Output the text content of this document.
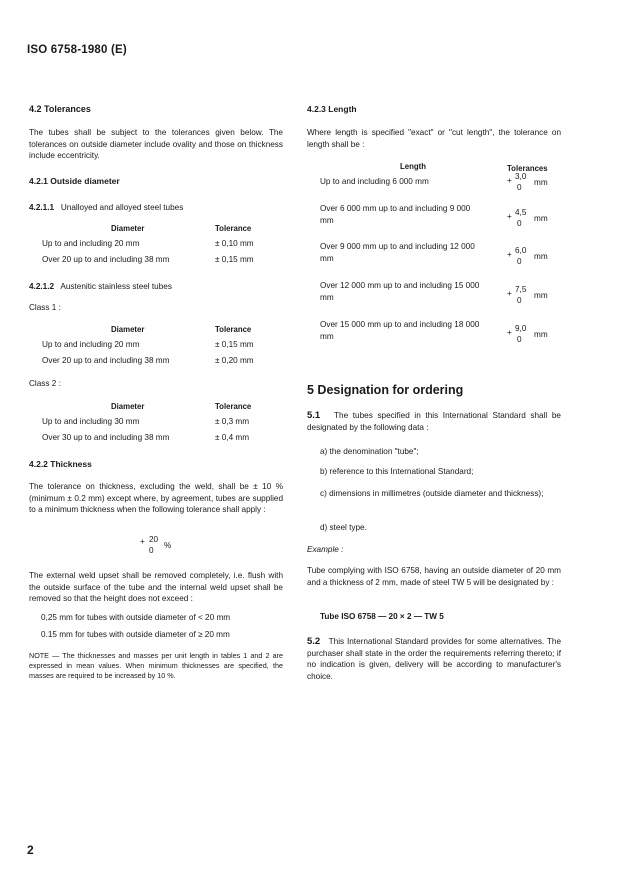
ISO 6758-1980 (E)
4.2 Tolerances
The tubes shall be subject to the tolerances given below. The tolerances on outside diameter include ovality and those on thickness include eccentricity.
4.2.1 Outside diameter
4.2.1.1 Unalloyed and alloyed steel tubes
Diameter	Tolerance
Up to and including 20 mm	± 0,10 mm
Over 20 up to and including 38 mm	± 0,15 mm
4.2.1.2 Austenitic stainless steel tubes
Class 1 :
Diameter	Tolerance
Up to and including 20 mm	± 0,15 mm
Over 20 up to and including 38 mm	± 0,20 mm
Class 2 :
Diameter	Tolerance
Up to and including 30 mm	± 0,3 mm
Over 30 up to and including 38 mm	± 0,4 mm
4.2.2 Thickness
The tolerance on thickness, excluding the weld, shall be ± 10 % (minimum ± 0.2 mm) except where, by agreement, tubes are supplied to a minimum thickness when the following tolerance shall apply :
+ 20
0
%
The external weld upset shall be removed completely, i.e. flush with the outside surface of the tube and the internal weld upset shall be removed so that the height does not exceed :
0,25 mm for tubes with outside diameter of < 20 mm
0.15 mm for tubes with outside diameter of ≥ 20 mm
NOTE — The thicknesses and masses per unit length in tables 1 and 2 are expressed in mean values. When minimum thicknesses are specified, the masses are required to be increased by 10 %.
4.2.3 Length
Where length is specified "exact" or "cut length", the tolerance on length shall be :
Length	Tolerances
Up to and including 6 000 mm	+ 3,0
0
mm
Over 6 000 mm up to and including 9 000 mm	+ 4,5
0
mm
Over 9 000 mm up to and including 12 000 mm	+ 6,0
0
mm
Over 12 000 mm up to and including 15 000 mm	+ 7,5
0
mm
Over 15 000 mm up to and including 18 000 mm	+ 9,0
0
mm
5 Designation for ordering
5.1 The tubes specified in this International Standard shall be designated by the following data :
a) the denomination "tube";
b) reference to this International Standard;
c) dimensions in millimetres (outside diameter and thickness);
d) steel type.
Example :
Tube complying with ISO 6758, having an outside diameter of 20 mm and a thickness of 2 mm, made of steel TW 5 will be designated by :
Tube ISO 6758 — 20 × 2 — TW 5
5.2 This International Standard provides for some alternatives. The purchaser shall state in the order the requirements referring thereto; if no indication is given, delivery will be according to manufacturer's choice.
2
